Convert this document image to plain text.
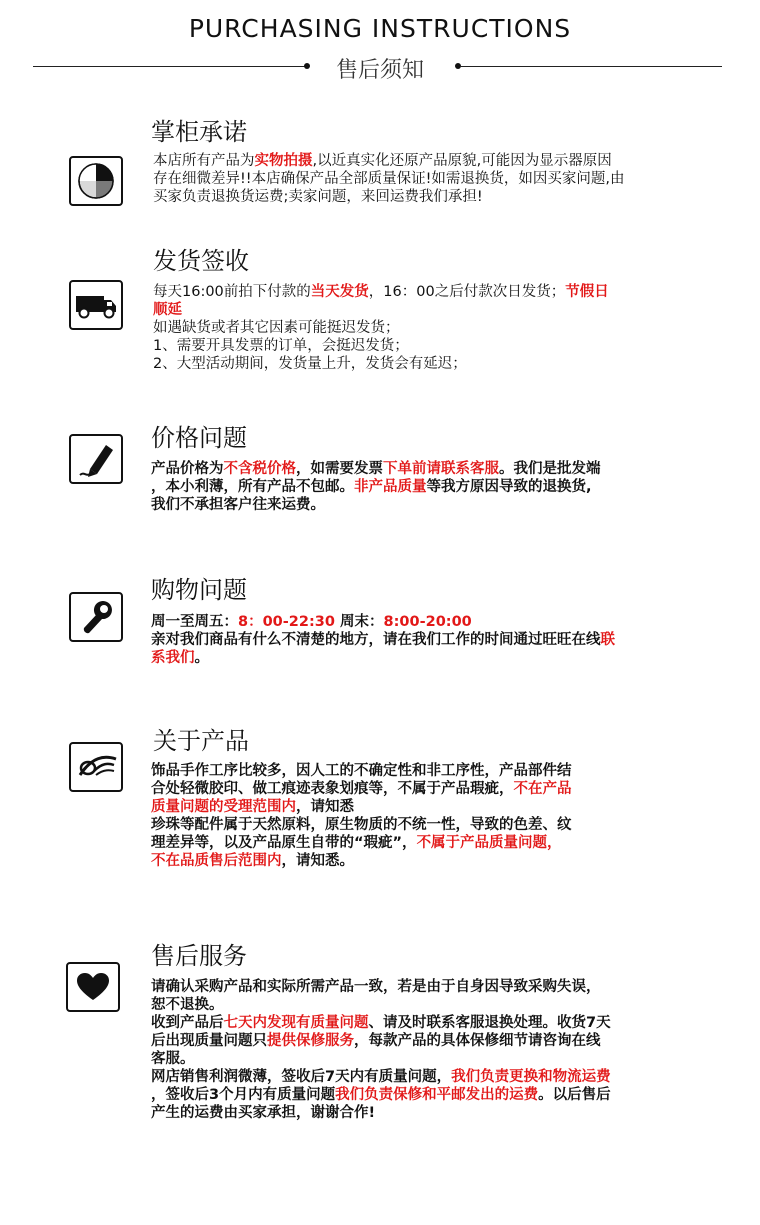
PURCHASING INSTRUCTIONS
售后须知
掌柜承诺

本店所有产品为实物拍摄,以近真实化还原产品原貌,可能因为显示器原因

存在细微差异!!本店确保产品全部质量保证!如需退换货，如因买家问题,由

买家负责退换货运费;卖家问题，来回运费我们承担!

发货签收

每天16:00前拍下付款的当天发货，16：00之后付款次日发货；节假日

顺延

如遇缺货或者其它因素可能挺迟发货；

1、需要开具发票的订单，会挺迟发货；

2、大型活动期间，发货量上升，发货会有延迟；

价格问题

产品价格为不含税价格，如需要发票下单前请联系客服。我们是批发端

，本小利薄，所有产品不包邮。非产品质量等我方原因导致的退换货,

我们不承担客户往来运费。

购物问题

周一至周五：8：00-22:30 周末：8:00-20:00

亲对我们商品有什么不清楚的地方，请在我们工作的时间通过旺旺在线联

系我们。

关于产品

饰品手作工序比较多，因人工的不确定性和非工序性，产品部件结

合处轻微胶印、做工痕迹表象划痕等，不属于产品瑕疵，不在产品

质量问题的受理范围内，请知悉

珍珠等配件属于天然原料，原生物质的不统一性，导致的色差、纹

理差异等，以及产品原生自带的“瑕疵”，不属于产品质量问题，

不在品质售后范围内，请知悉。

售后服务

请确认采购产品和实际所需产品一致，若是由于自身因导致采购失误，

恕不退换。

收到产品后七天内发现有质量问题、请及时联系客服退换处理。收货7天

后出现质量问题只提供保修服务，每款产品的具体保修细节请咨询在线

客服。

网店销售利润微薄，签收后7天内有质量问题，我们负责更换和物流运费

，签收后3个月内有质量问题我们负责保修和平邮发出的运费。以后售后

产生的运费由买家承担，谢谢合作!
